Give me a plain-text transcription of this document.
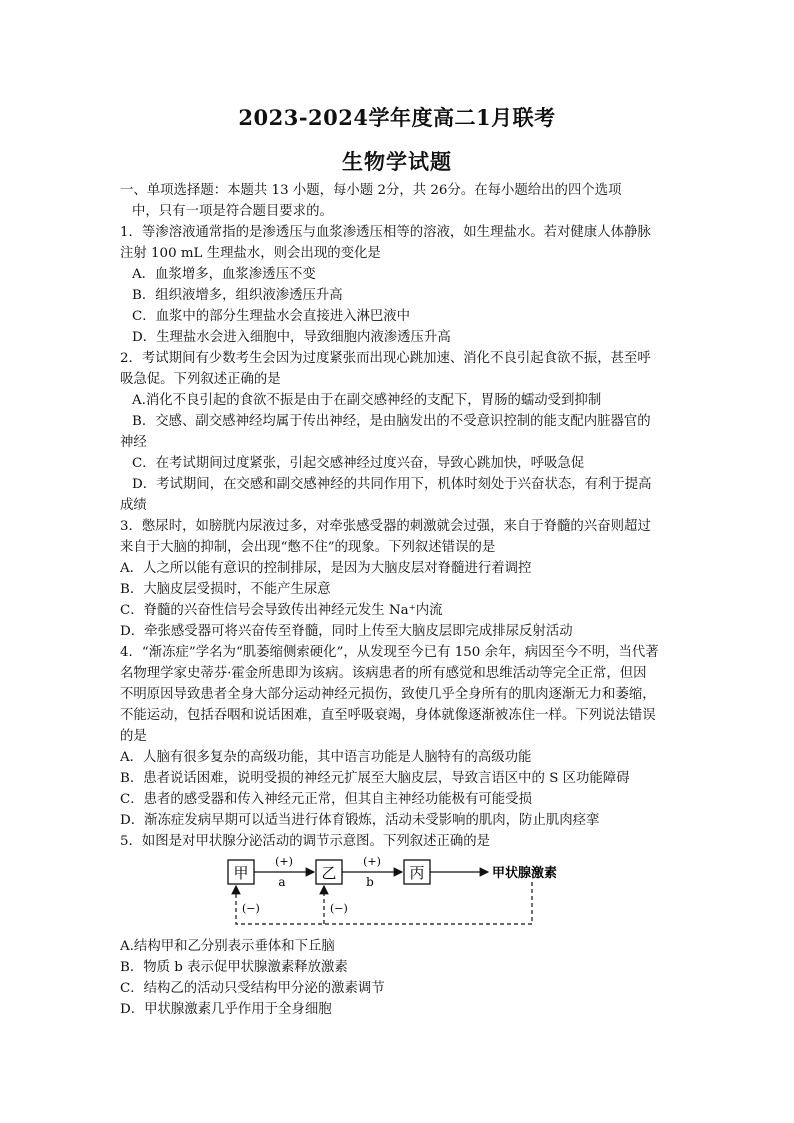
2023-2024学年度高二1月联考
生物学试题
一、单项选择题：本题共 13 小题，每小题 2分，共 26分。在每小题给出的四个选项
中，只有一项是符合题目要求的。
1．等渗溶液通常指的是渗透压与血浆渗透压相等的溶液，如生理盐水。若对健康人体静脉
注射 100 mL 生理盐水，则会出现的变化是
A．血浆增多，血浆渗透压不变
B．组织液增多，组织液渗透压升高
C．血浆中的部分生理盐水会直接进入淋巴液中
D．生理盐水会进入细胞中，导致细胞内液渗透压升高
2．考试期间有少数考生会因为过度紧张而出现心跳加速、消化不良引起食欲不振，甚至呼
吸急促。下列叙述正确的是
A.消化不良引起的食欲不振是由于在副交感神经的支配下，胃肠的蠕动受到抑制
B．交感、副交感神经均属于传出神经，是由脑发出的不受意识控制的能支配内脏器官的
神经
C．在考试期间过度紧张，引起交感神经过度兴奋，导致心跳加快，呼吸急促
D．考试期间，在交感和副交感神经的共同作用下，机体时刻处于兴奋状态，有利于提高
成绩
3．憋尿时，如膀胱内尿液过多，对牵张感受器的刺激就会过强，来自于脊髓的兴奋则超过
来自于大脑的抑制，会出现“憋不住”的现象。下列叙述错误的是
A．人之所以能有意识的控制排尿，是因为大脑皮层对脊髓进行着调控
B．大脑皮层受损时，不能产生尿意
C．脊髓的兴奋性信号会导致传出神经元发生 Na⁺内流
D．牵张感受器可将兴奋传至脊髓，同时上传至大脑皮层即完成排尿反射活动
4．“渐冻症”学名为“肌萎缩侧索硬化”，从发现至今已有 150 余年，病因至今不明，当代著
名物理学家史蒂芬·霍金所患即为该病。该病患者的所有感觉和思维活动等完全正常，但因
不明原因导致患者全身大部分运动神经元损伤，致使几乎全身所有的肌肉逐渐无力和萎缩，
不能运动，包括吞咽和说话困难，直至呼吸衰竭，身体就像逐渐被冻住一样。下列说法错误
的是
A．人脑有很多复杂的高级功能，其中语言功能是人脑特有的高级功能
B．患者说话困难，说明受损的神经元扩展至大脑皮层，导致言语区中的 S 区功能障碍
C．患者的感受器和传入神经元正常，但其自主神经功能极有可能受损
D．渐冻症发病早期可以适当进行体育锻炼，活动未受影响的肌肉，防止肌肉痉挛
5．如图是对甲状腺分泌活动的调节示意图。下列叙述正确的是
甲	乙	丙
(+)
a
(+)
b
甲状腺激素
(−)	(−)
A.结构甲和乙分别表示垂体和下丘脑
B．物质 b 表示促甲状腺激素释放激素
C．结构乙的活动只受结构甲分泌的激素调节
D．甲状腺激素几乎作用于全身细胞
